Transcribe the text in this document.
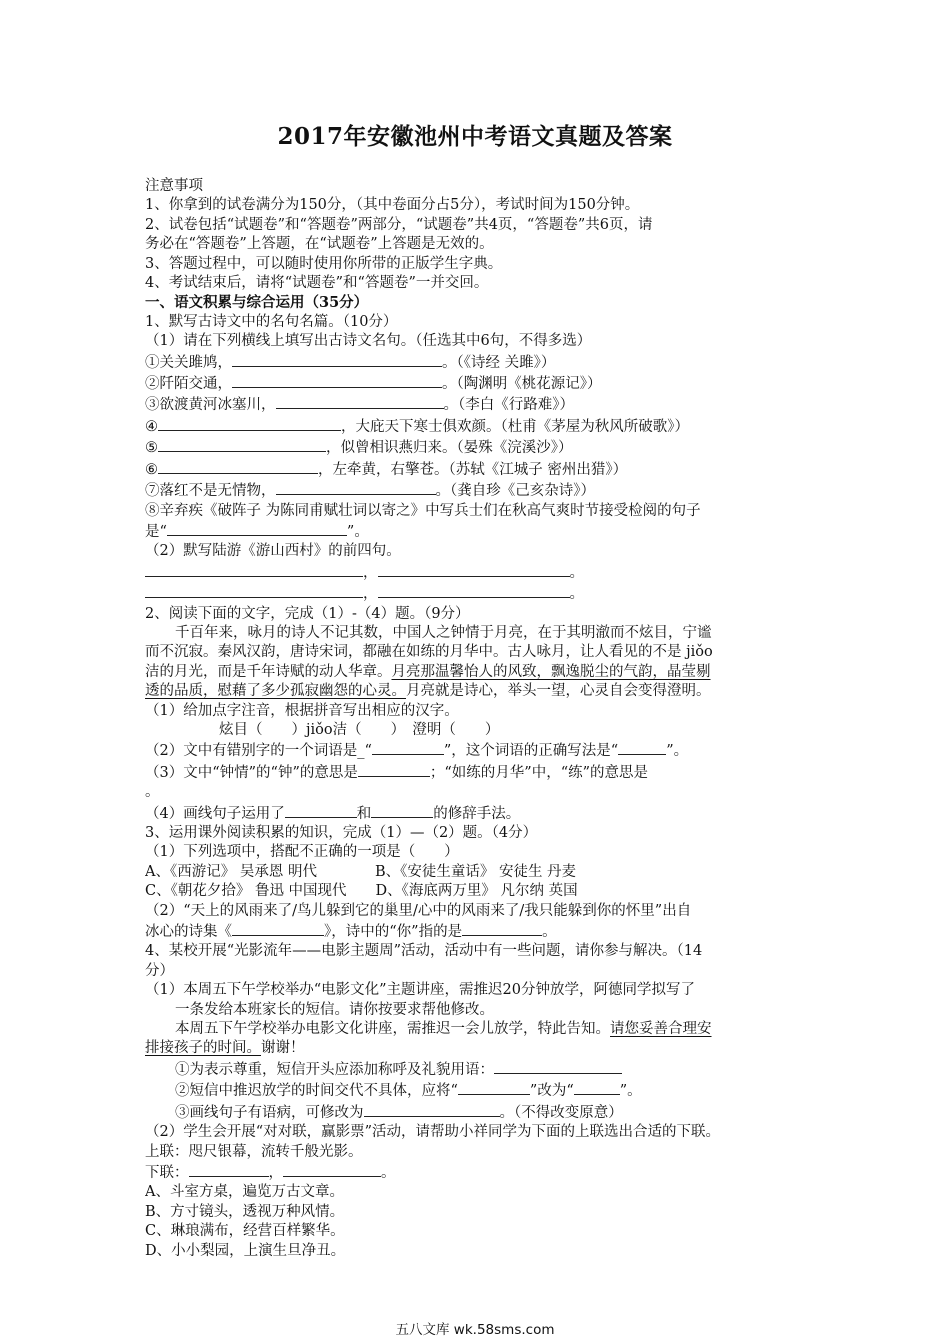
2017年安徽池州中考语文真题及答案
注意事项
1、你拿到的试卷满分为150分，（其中卷面分占5分），考试时间为150分钟。
2、试卷包括“试题卷”和“答题卷”两部分，“试题卷”共4页，“答题卷”共6页，请
务必在“答题卷”上答题，在“试题卷”上答题是无效的。
3、答题过程中，可以随时使用你所带的正版学生字典。
4、考试结束后，请将“试题卷”和“答题卷”一并交回。
一、语文积累与综合运用（35分）
1、默写古诗文中的名句名篇。（10分）
（1）请在下列横线上填写出古诗文名句。（任选其中6句，不得多选）
①关关雎鸠，	。（《诗经 关雎》）
②阡陌交通，	。（陶渊明《桃花源记》）
③欲渡黄河冰塞川，	。（李白《行路难》）
④	，大庇天下寒士俱欢颜。（杜甫《茅屋为秋风所破歌》）
⑤	，似曾相识燕归来。（晏殊《浣溪沙》）
⑥	，左牵黄，右擎苍。（苏轼《江城子 密州出猎》）
⑦落红不是无情物，	。（龚自珍《己亥杂诗》）
⑧辛弃疾《破阵子 为陈同甫赋壮词以寄之》中写兵士们在秋高气爽时节接受检阅的句子
是“	”。
（2）默写陆游《游山西村》的前四句。
，	。
，	。
2、阅读下面的文字，完成（1）-（4）题。（9分）
千百年来，咏月的诗人不记其数，中国人之钟情于月亮，在于其明澈而不炫目，宁谧
而不沉寂。秦风汉韵，唐诗宋词，都融在如练的月华中。古人咏月，让人看见的不是 jiǒo
洁的月光，而是千年诗赋的动人华章。月亮那温馨怡人的风致，飘逸脱尘的气韵，晶莹剔
透的品质，慰藉了多少孤寂幽怨的心灵。月亮就是诗心，举头一望，心灵自会变得澄明。
（1）给加点字注音，根据拼音写出相应的汉字。
炫目（　　）jiǒo洁（　　）　澄明（　　）
（2）文中有错别字的一个词语是_“	”，这个词语的正确写法是“	”。
（3）文中“钟情”的“钟”的意思是	；“如练的月华”中，“练”的意思是
。
（4）画线句子运用了	和	的修辞手法。
3、运用课外阅读积累的知识，完成（1）—（2）题。（4分）
（1）下列选项中，搭配不正确的一项是（　　）
A、《西游记》 吴承恩 明代　　　　B、《安徒生童话》 安徒生 丹麦
C、《朝花夕拾》 鲁迅 中国现代　　D、《海底两万里》 凡尔纳 英国
（2）“天上的风雨来了/鸟儿躲到它的巢里/心中的风雨来了/我只能躲到你的怀里”出自
冰心的诗集《	》，诗中的“你”指的是	。
4、某校开展“光影流年——电影主题周”活动，活动中有一些问题，请你参与解决。（14
分）
（1）本周五下午学校举办“电影文化”主题讲座，需推迟20分钟放学，阿德同学拟写了
一条发给本班家长的短信。请你按要求帮他修改。
本周五下午学校举办电影文化讲座，需推迟一会儿放学，特此告知。请您妥善合理安
排接孩子的时间。谢谢！
①为表示尊重，短信开头应添加称呼及礼貌用语：
②短信中推迟放学的时间交代不具体，应将“	”改为“	”。
③画线句子有语病，可修改为	。（不得改变原意）
（2）学生会开展“对对联，赢影票”活动，请帮助小祥同学为下面的上联选出合适的下联。
上联：咫尺银幕，流转千般光影。
下联：	，	。
A、斗室方桌，遍览万古文章。
B、方寸镜头，透视万种风情。
C、琳琅满布，经营百样繁华。
D、小小梨园，上演生旦净丑。
五八文库 wk.58sms.com
